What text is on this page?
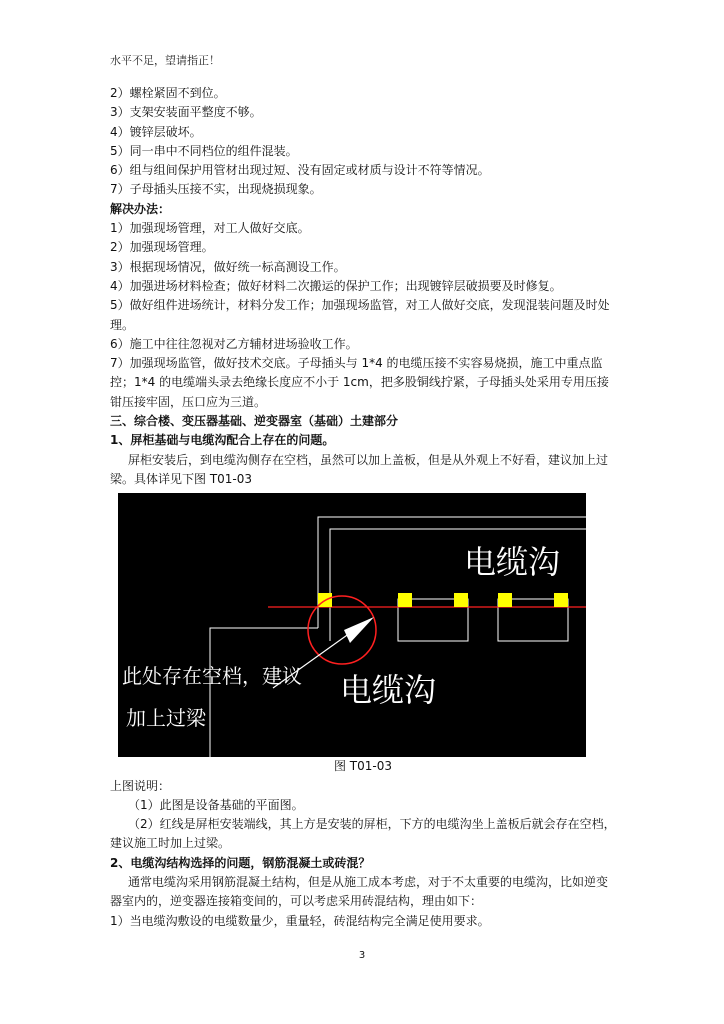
水平不足，望请指正！

2）螺栓紧固不到位。

3）支架安装面平整度不够。

4）镀锌层破坏。

5）同一串中不同档位的组件混装。

6）组与组间保护用管材出现过短、没有固定或材质与设计不符等情况。

7）子母插头压接不实，出现烧损现象。

解决办法：

1）加强现场管理，对工人做好交底。

2）加强现场管理。

3）根据现场情况，做好统一标高测设工作。

4）加强进场材料检查；做好材料二次搬运的保护工作；出现镀锌层破损要及时修复。

5）做好组件进场统计，材料分发工作；加强现场监管，对工人做好交底，发现混装问题及时处理。

6）施工中往往忽视对乙方辅材进场验收工作。

7）加强现场监管，做好技术交底。子母插头与 1*4 的电缆压接不实容易烧损，施工中重点监控；1*4 的电缆端头录去绝缘长度应不小于 1cm，把多股铜线拧紧，子母插头处采用专用压接钳压接牢固，压口应为三道。

三、综合楼、变压器基础、逆变器室（基础）土建部分

1、屏柜基础与电缆沟配合上存在的问题。

屏柜安装后，到电缆沟侧存在空档，虽然可以加上盖板，但是从外观上不好看，建议加上过梁。具体详见下图 T01-03

电缆沟
电缆沟
此处存在空档，建议
加上过梁

图 T01-03

上图说明：

（1）此图是设备基础的平面图。

（2）红线是屏柜安装端线，其上方是安装的屏柜，下方的电缆沟坐上盖板后就会存在空档，建议施工时加上过梁。

2、电缆沟结构选择的问题，钢筋混凝土或砖混？

通常电缆沟采用钢筋混凝土结构，但是从施工成本考虑，对于不太重要的电缆沟，比如逆变器室内的，逆变器连接箱变间的，可以考虑采用砖混结构，理由如下：

1）当电缆沟敷设的电缆数量少，重量轻，砖混结构完全满足使用要求。

3
